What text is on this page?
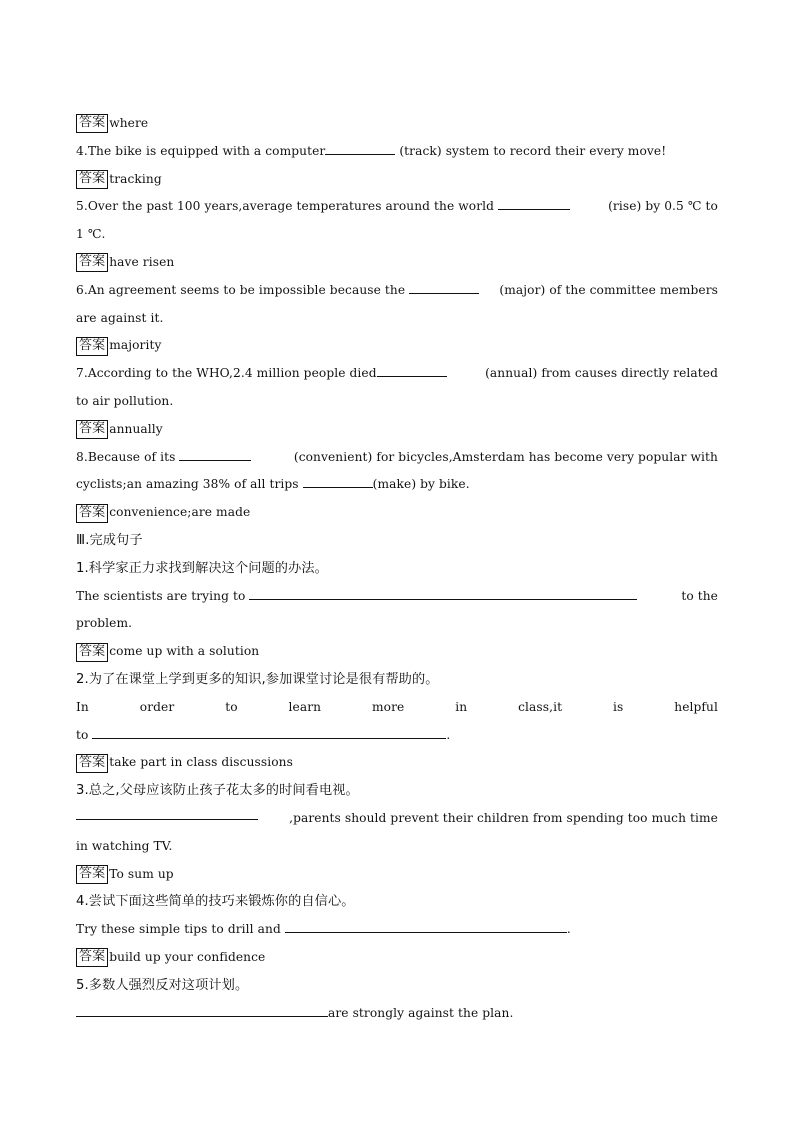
答案 where
4.The bike is equipped with a computer	(track) system to record their every move!
答案 tracking
5.Over the past 100 years,average temperatures around the world	(rise) by 0.5 ℃ to
1 ℃.
答案 have risen
6.An agreement seems to be impossible because the	(major) of the committee members
are against it.
答案 majority
7.According to the WHO,2.4 million people died	(annual) from causes directly related
to air pollution.
答案 annually
8.Because of its	(convenient) for bicycles,Amsterdam has become very popular with
cyclists;an amazing 38% of all trips	(make) by bike.
答案 convenience;are made
Ⅲ.完成句子
1.科学家正力求找到解决这个问题的办法。
The scientists are trying to	to the
problem.
答案 come up with a solution
2.为了在课堂上学到更多的知识,参加课堂讨论是很有帮助的。
In	order	to	learn	more	in	class,it	is	helpful
to	.
答案 take part in class discussions
3.总之,父母应该防止孩子花太多的时间看电视。
,parents should prevent their children from spending too much time
in watching TV.
答案 To sum up
4.尝试下面这些简单的技巧来锻炼你的自信心。
Try these simple tips to drill and	.
答案 build up your confidence
5.多数人强烈反对这项计划。
are strongly against the plan.
